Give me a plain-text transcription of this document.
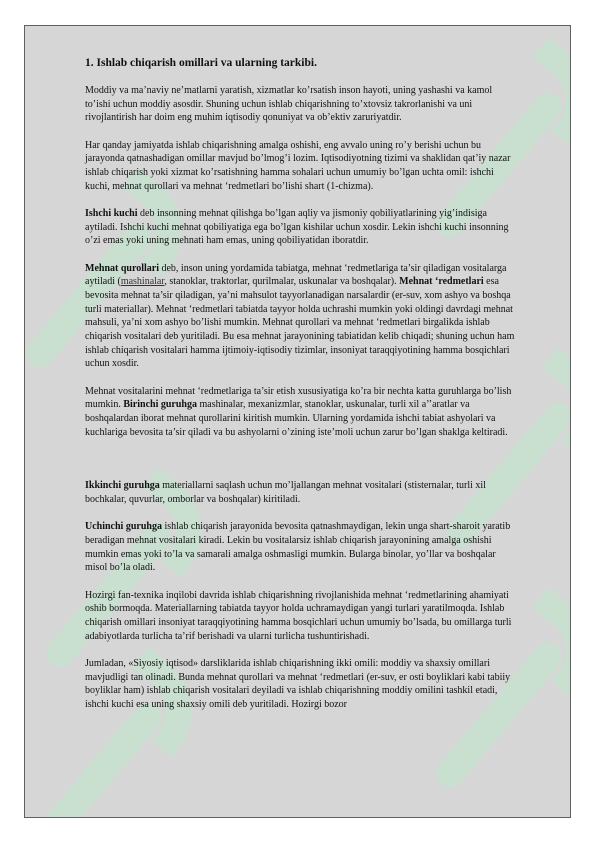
1. Ishlab chiqarish omillari va ularning tarkibi.

Moddiy va ma’naviy ne’matlarni yaratish, xizmatlar ko’rsatish inson hayoti, uning yashashi va kamol to’ishi uchun moddiy asosdir. Shuning uchun ishlab chiqarishning to’xtovsiz takrorlanishi va uni rivojlantirish har doim eng muhim iqtisodiy qonuniyat va ob’ektiv zaruriyatdir.

Har qanday jamiyatda ishlab chiqarishning amalga oshishi, eng avvalo uning ro’y berishi uchun bu jarayonda qatnashadigan omillar mavjud bo’lmog’i lozim. Iqtisodiyotning tizimi va shaklidan qat’iy nazar ishlab chiqarish yoki xizmat ko’rsatishning hamma sohalari uchun umumiy bo’lgan uchta omil: ishchi kuchi, mehnat qurollari va mehnat ‘redmetlari bo’lishi shart (1-chizma).

Ishchi kuchi deb insonning mehnat qilishga bo’lgan aqliy va jismoniy qobiliyatlarining yig’indisiga aytiladi. Ishchi kuchi mehnat qobiliyatiga ega bo’lgan kishilar uchun xosdir. Lekin ishchi kuchi insonning o’zi emas yoki uning mehnati ham emas, uning qobiliyatidan iboratdir.

Mehnat qurollari deb, inson uning yordamida tabiatga, mehnat ‘redmetlariga ta’sir qiladigan vositalarga aytiladi (mashinalar, stanoklar, traktorlar, qurilmalar, uskunalar va boshqalar). Mehnat ‘redmetlari esa bevosita mehnat ta’sir qiladigan, ya’ni mahsulot tayyorlanadigan narsalardir (er-suv, xom ashyo va boshqa turli materiallar). Mehnat ‘redmetlari tabiatda tayyor holda uchrashi mumkin yoki oldingi davrdagi mehnat mahsuli, ya’ni xom ashyo bo’lishi mumkin. Mehnat qurollari va mehnat ‘redmetlari birgalikda ishlab chiqarish vositalari deb yuritiladi. Bu esa mehnat jarayonining tabiatidan kelib chiqadi; shuning uchun ham ishlab chiqarish vositalari hamma ijtimoiy-iqtisodiy tizimlar, insoniyat taraqqiyotining hamma bosqichlari uchun xosdir.

Mehnat vositalarini mehnat ‘redmetlariga ta’sir etish xususiyatiga ko’ra bir nechta katta guruhlarga bo’lish mumkin. Birinchi guruhga mashinalar, mexanizmlar, stanoklar, uskunalar, turli xil a’’aratlar va boshqalardan iborat mehnat qurollarini kiritish mumkin. Ularning yordamida ishchi tabiat ashyolari va kuchlariga bevosita ta’sir qiladi va bu ashyolarni o’zining iste’moli uchun zarur bo’lgan shaklga keltiradi.

Ikkinchi guruhga materiallarni saqlash uchun mo’ljallangan mehnat vositalari (stisternalar, turli xil bochkalar, quvurlar, omborlar va boshqalar) kiritiladi.

Uchinchi guruhga ishlab chiqarish jarayonida bevosita qatnashmaydigan, lekin unga shart-sharoit yaratib beradigan mehnat vositalari kiradi. Lekin bu vositalarsiz ishlab chiqarish jarayonining amalga oshishi mumkin emas yoki to’la va samarali amalga oshmasligi mumkin. Bularga binolar, yo’llar va boshqalar misol bo’la oladi.

Hozirgi fan-texnika inqilobi davrida ishlab chiqarishning rivojlanishida mehnat ‘redmetlarining ahamiyati oshib bormoqda. Materiallarning tabiatda tayyor holda uchramaydigan yangi turlari yaratilmoqda. Ishlab chiqarish omillari insoniyat taraqqiyotining hamma bosqichlari uchun umumiy bo’lsada, bu omillarga turli adabiyotlarda turlicha ta’rif berishadi va ularni turlicha tushuntirishadi.

Jumladan, «Siyosiy iqtisod» darsliklarida ishlab chiqarishning ikki omili: moddiy va shaxsiy omillari mavjudligi tan olinadi. Bunda mehnat qurollari va mehnat ‘redmetlari (er-suv, er osti boyliklari kabi tabiiy boyliklar ham) ishlab chiqarish vositalari deyiladi va ishlab chiqarishning moddiy omilini tashkil etadi, ishchi kuchi esa uning shaxsiy omili deb yuritiladi. Hozirgi bozor
